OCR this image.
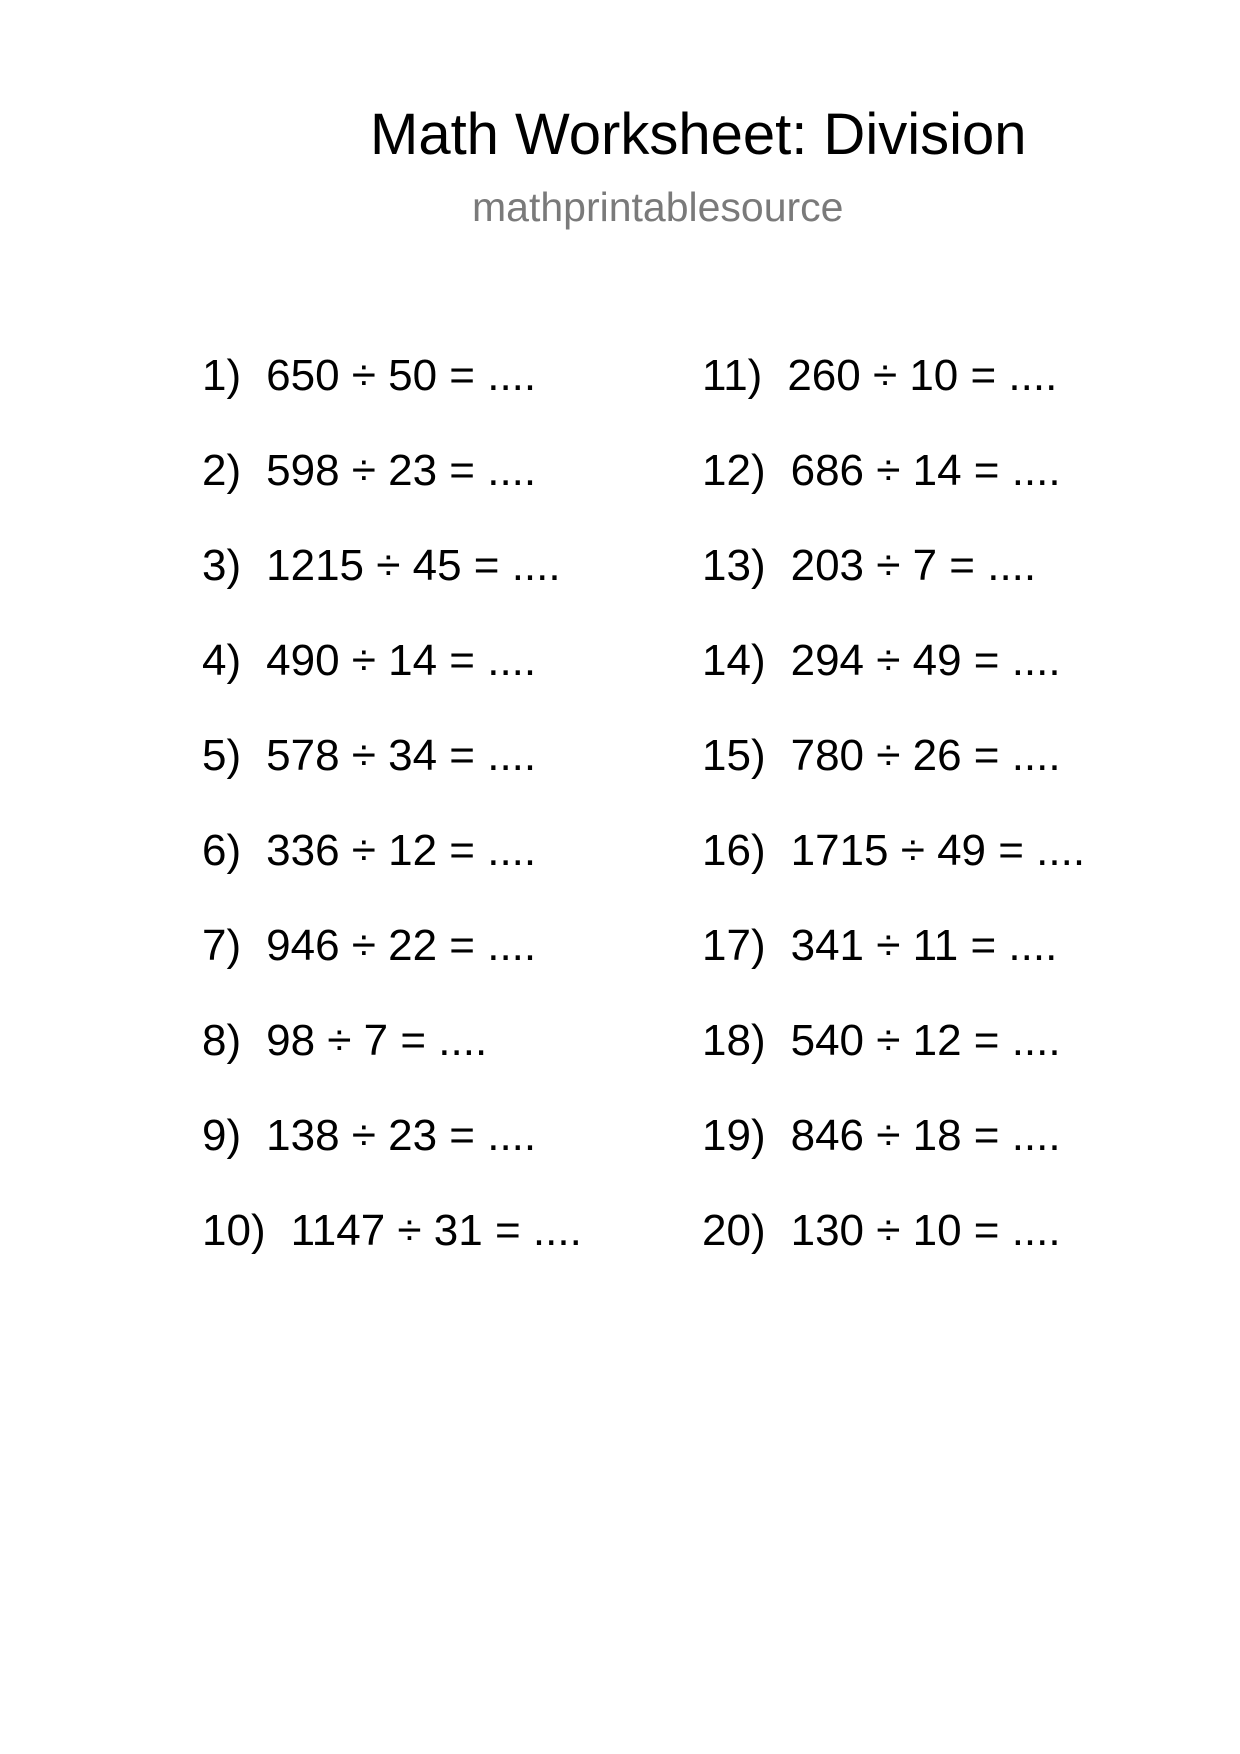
Math Worksheet: Division
mathprintablesource
1) 650 ÷ 50 = ....
2) 598 ÷ 23 = ....
3) 1215 ÷ 45 = ....
4) 490 ÷ 14 = ....
5) 578 ÷ 34 = ....
6) 336 ÷ 12 = ....
7) 946 ÷ 22 = ....
8) 98 ÷ 7 = ....
9) 138 ÷ 23 = ....
10) 1147 ÷ 31 = ....
11) 260 ÷ 10 = ....
12) 686 ÷ 14 = ....
13) 203 ÷ 7 = ....
14) 294 ÷ 49 = ....
15) 780 ÷ 26 = ....
16) 1715 ÷ 49 = ....
17) 341 ÷ 11 = ....
18) 540 ÷ 12 = ....
19) 846 ÷ 18 = ....
20) 130 ÷ 10 = ....
